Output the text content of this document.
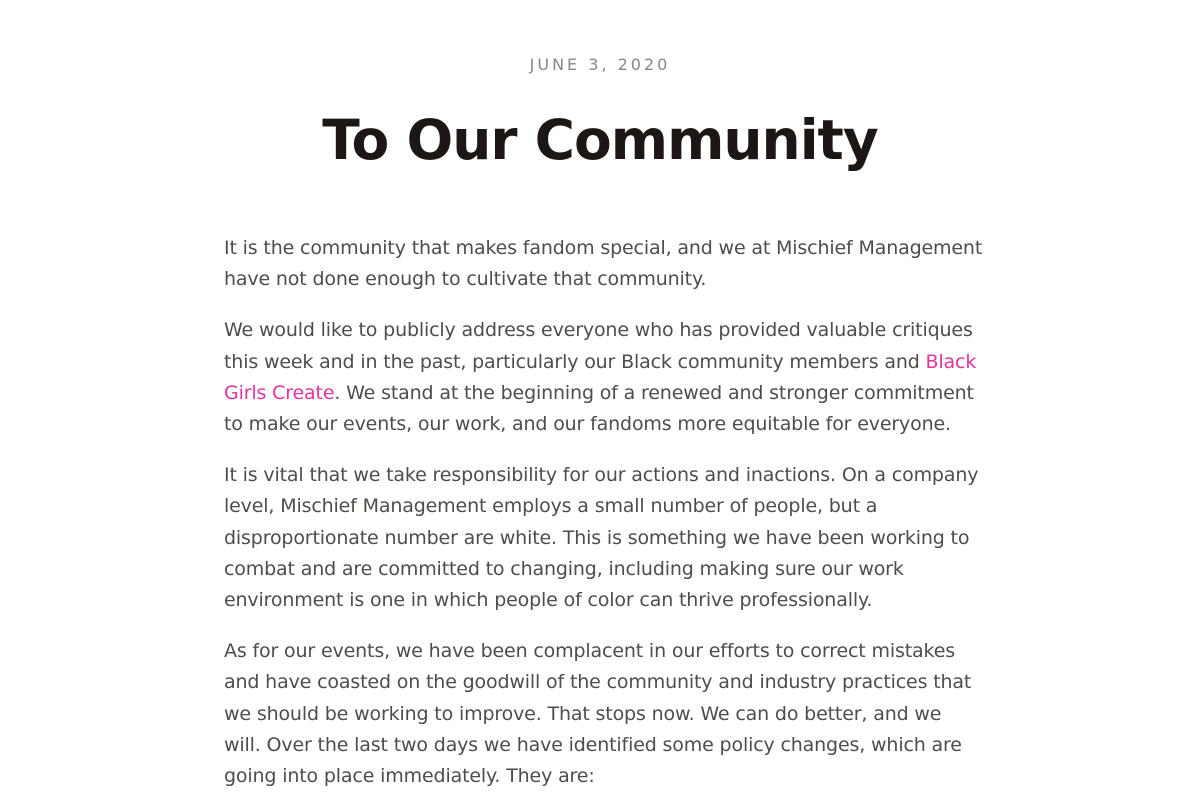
JUNE 3, 2020
To Our Community

It is the community that makes fandom special, and we at Mischief Management
have not done enough to cultivate that community.

We would like to publicly address everyone who has provided valuable critiques
this week and in the past, particularly our Black community members and Black
Girls Create. We stand at the beginning of a renewed and stronger commitment
to make our events, our work, and our fandoms more equitable for everyone.

It is vital that we take responsibility for our actions and inactions. On a company
level, Mischief Management employs a small number of people, but a
disproportionate number are white. This is something we have been working to
combat and are committed to changing, including making sure our work
environment is one in which people of color can thrive professionally.

As for our events, we have been complacent in our efforts to correct mistakes
and have coasted on the goodwill of the community and industry practices that
we should be working to improve. That stops now. We can do better, and we
will. Over the last two days we have identified some policy changes, which are
going into place immediately. They are:
